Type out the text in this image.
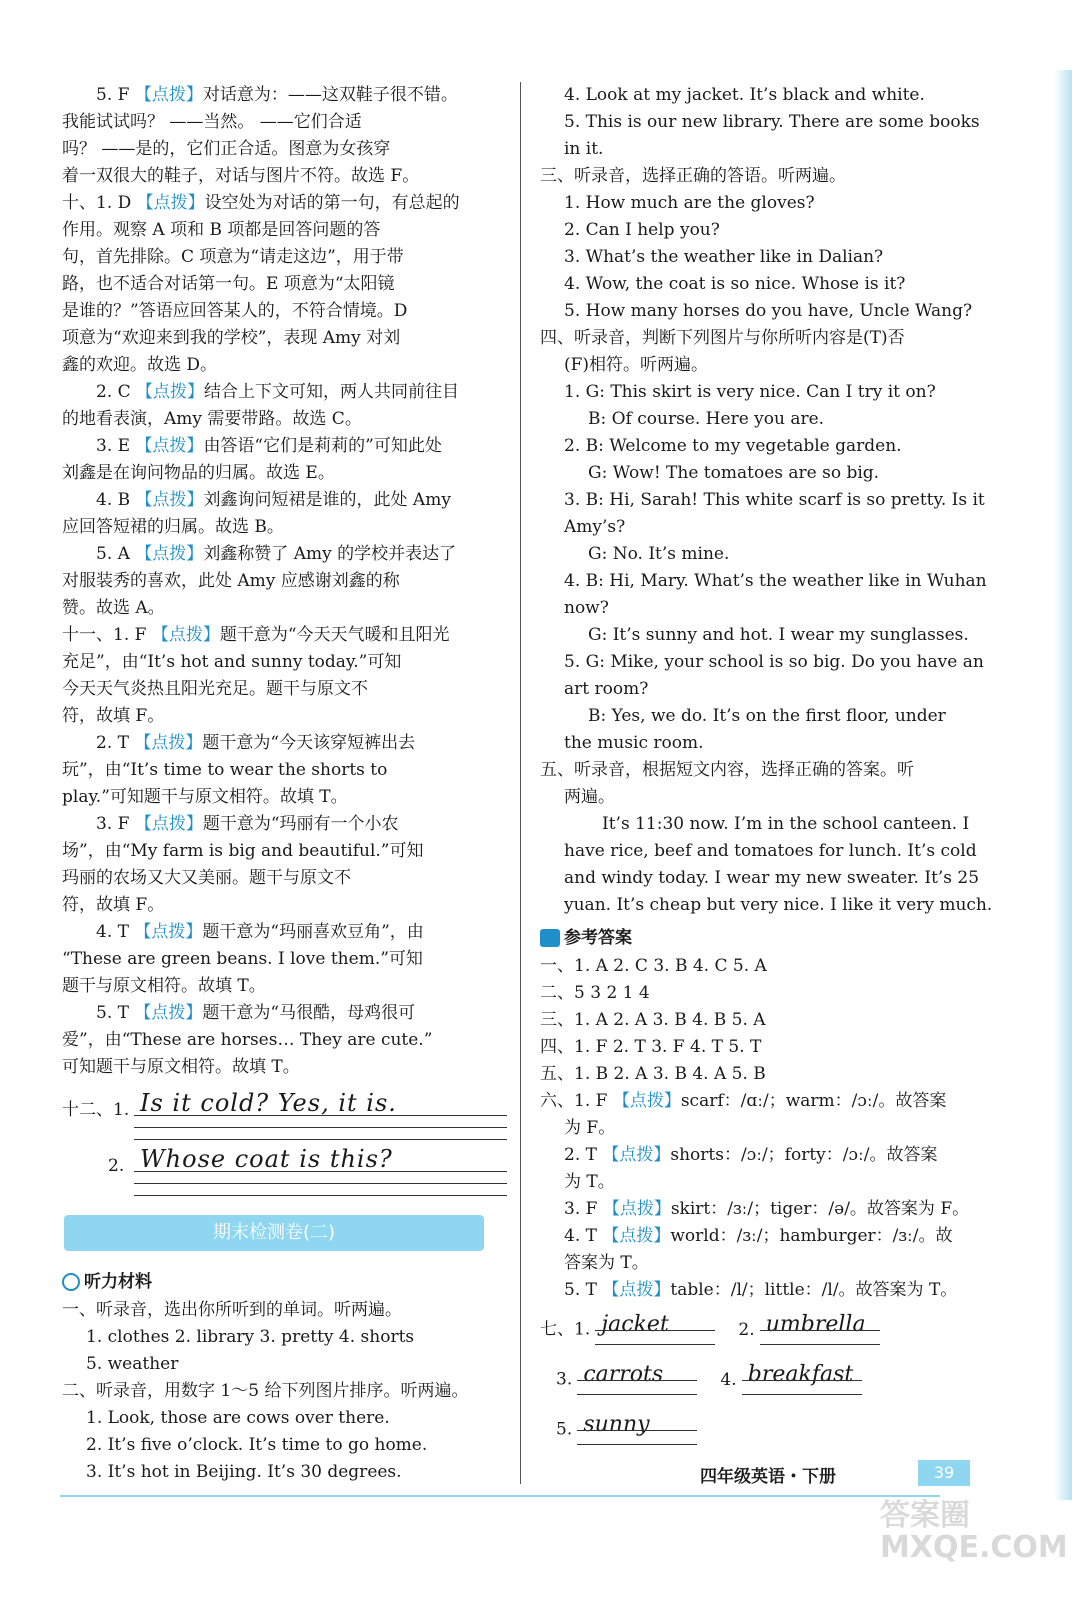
5. F 【点拨】对话意为：——这双鞋子很不错。
我能试试吗？ ——当然。 ——它们合适
吗？ ——是的，它们正合适。图意为女孩穿
着一双很大的鞋子，对话与图片不符。故选 F。
十、1. D 【点拨】设空处为对话的第一句，有总起的
作用。观察 A 项和 B 项都是回答问题的答
句，首先排除。C 项意为“请走这边”，用于带
路，也不适合对话第一句。E 项意为“太阳镜
是谁的？”答语应回答某人的，不符合情境。D
项意为“欢迎来到我的学校”，表现 Amy 对刘
鑫的欢迎。故选 D。
2. C 【点拨】结合上下文可知，两人共同前往目
的地看表演，Amy 需要带路。故选 C。
3. E 【点拨】由答语“它们是莉莉的”可知此处
刘鑫是在询问物品的归属。故选 E。
4. B 【点拨】刘鑫询问短裙是谁的，此处 Amy
应回答短裙的归属。故选 B。
5. A 【点拨】刘鑫称赞了 Amy 的学校并表达了
对服装秀的喜欢，此处 Amy 应感谢刘鑫的称
赞。故选 A。
十一、1. F 【点拨】题干意为“今天天气暖和且阳光
充足”，由“It’s hot and sunny today.”可知
今天天气炎热且阳光充足。题干与原文不
符，故填 F。
2. T 【点拨】题干意为“今天该穿短裤出去
玩”，由“It’s time to wear the shorts to
play.”可知题干与原文相符。故填 T。
3. F 【点拨】题干意为“玛丽有一个小农
场”，由“My farm is big and beautiful.”可知
玛丽的农场又大又美丽。题干与原文不
符，故填 F。
4. T 【点拨】题干意为“玛丽喜欢豆角”，由
“These are green beans. I love them.”可知
题干与原文相符。故填 T。
5. T 【点拨】题干意为“马很酷，母鸡很可
爱”，由“These are horses… They are cute.”
可知题干与原文相符。故填 T。
十二、1. Is it cold? Yes, it is.
2. Whose coat is this?
期末检测卷(二)
听力材料
一、听录音，选出你所听到的单词。听两遍。
1. clothes 2. library 3. pretty 4. shorts
5. weather
二、听录音，用数字 1～5 给下列图片排序。听两遍。
1. Look, those are cows over there.
2. It’s five o’clock. It’s time to go home.
3. It’s hot in Beijing. It’s 30 degrees.
4. Look at my jacket. It’s black and white.
5. This is our new library. There are some books
in it.
三、听录音，选择正确的答语。听两遍。
1. How much are the gloves?
2. Can I help you?
3. What’s the weather like in Dalian?
4. Wow, the coat is so nice. Whose is it?
5. How many horses do you have, Uncle Wang?
四、听录音，判断下列图片与你所听内容是(T)否
(F)相符。听两遍。
1. G: This skirt is very nice. Can I try it on?
B: Of course. Here you are.
2. B: Welcome to my vegetable garden.
G: Wow! The tomatoes are so big.
3. B: Hi, Sarah! This white scarf is so pretty. Is it
Amy’s?
G: No. It’s mine.
4. B: Hi, Mary. What’s the weather like in Wuhan
now?
G: It’s sunny and hot. I wear my sunglasses.
5. G: Mike, your school is so big. Do you have an
art room?
B: Yes, we do. It’s on the first floor, under
the music room.
五、听录音，根据短文内容，选择正确的答案。听
两遍。
It’s 11:30 now. I’m in the school canteen. I
have rice, beef and tomatoes for lunch. It’s cold
and windy today. I wear my new sweater. It’s 25
yuan. It’s cheap but very nice. I like it very much.
参考答案
一、1. A 2. C 3. B 4. C 5. A
二、5 3 2 1 4
三、1. A 2. A 3. B 4. B 5. A
四、1. F 2. T 3. F 4. T 5. T
五、1. B 2. A 3. B 4. A 5. B
六、1. F 【点拨】scarf：/ɑː/；warm：/ɔː/。故答案
为 F。
2. T 【点拨】shorts：/ɔː/；forty：/ɔː/。故答案
为 T。
3. F 【点拨】skirt：/ɜː/；tiger：/ə/。故答案为 F。
4. T 【点拨】world：/ɜː/；hamburger：/ɜː/。故
答案为 T。
5. T 【点拨】table：/l/；little：/l/。故答案为 T。
七、1. jacket	2. umbrella
3. carrots	4. breakfast
5. sunny
四年级英语・下册	39
答案圈 MXQE.COM
